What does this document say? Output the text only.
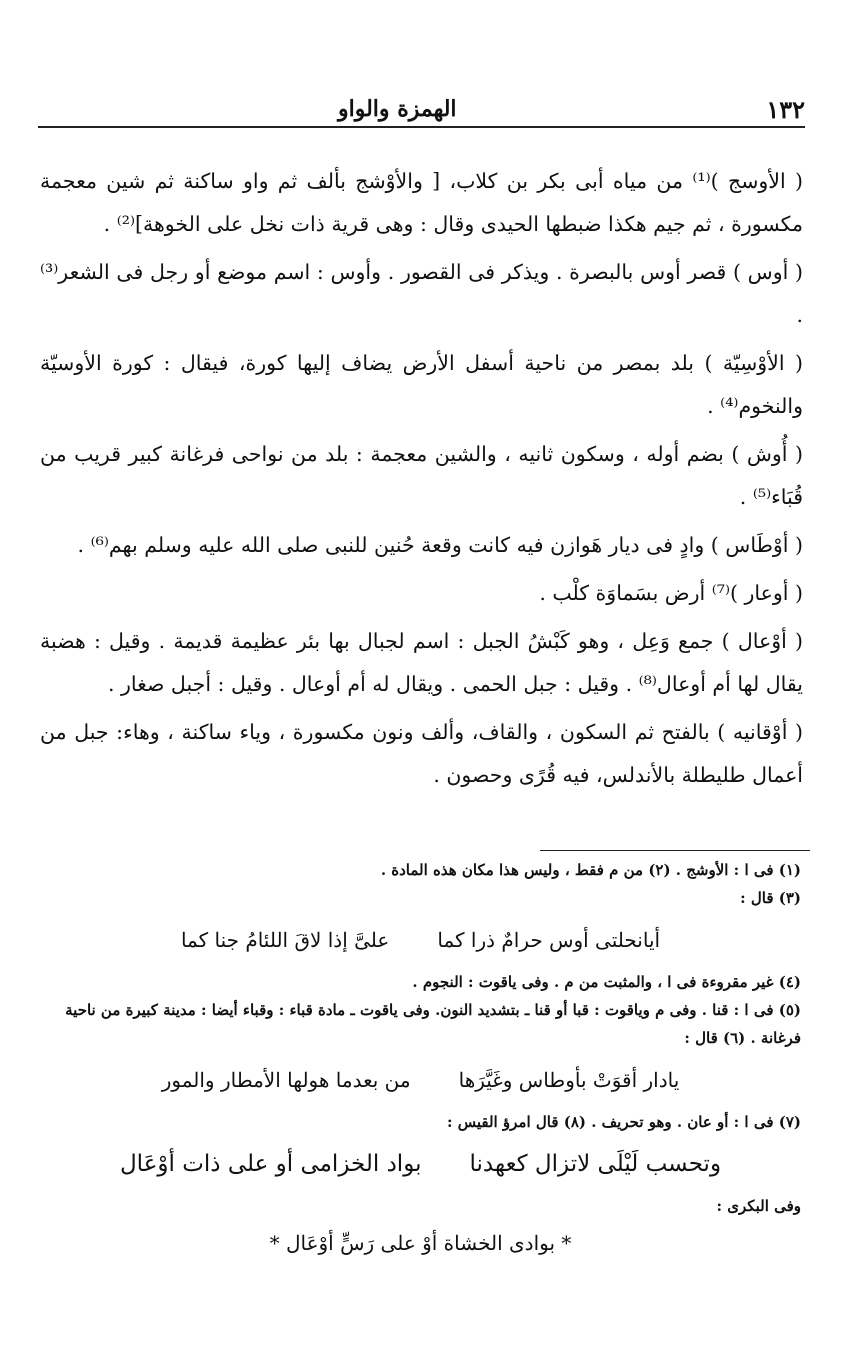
١٣٢
الهمزة والواو

( الأوسج )⁽¹⁾ من مياه أبى بكر بن كلاب، [ والأوْشج بألف ثم واو ساكنة ثم شين معجمة مكسورة ، ثم جيم هكذا ضبطها الحيدى وقال : وهى قرية ذات نخل على الخوهة]⁽²⁾ .

( أوس ) قصر أوس بالبصرة . ويذكر فى القصور . وأوس : اسم موضع أو رجل فى الشعر⁽³⁾ .

( الأوْسِيّة ) بلد بمصر من ناحية أسفل الأرض يضاف إليها كورة، فيقال : كورة الأوسيّة والنخوم⁽⁴⁾ .

( أُوش ) بضم أوله ، وسكون ثانيه ، والشين معجمة : بلد من نواحى فرغانة كبير قريب من قُبَاء⁽⁵⁾ .

( أوْطَاس ) وادٍ فى ديار هَوازن فيه كانت وقعة حُنين للنبى صلى الله عليه وسلم بهم⁽⁶⁾ .

( أوعار )⁽⁷⁾ أرض بسَماوَة كلْب .

( أوْعال ) جمع وَعِل ، وهو كَبْشُ الجبل : اسم لجبال بها بئر عظيمة قديمة . وقيل : هضبة يقال لها أم أوعال⁽⁸⁾ . وقيل : جبل الحمى . ويقال له أم أوعال . وقيل : أجبل صغار .

( أوْقانيه ) بالفتح ثم السكون ، والقاف، وألف ونون مكسورة ، وياء ساكنة ، وهاء: جبل من أعمال طليطلة بالأندلس، فيه قُرًى وحصون .

(١) فى ا : الأوشج . (٢) من م فقط ، وليس هذا مكان هذه المادة .

(٣) قال :

أيانحلتى أوس حرامٌ ذرا كما
علىَّ إذا لاقَ اللئامُ جنا كما

(٤) غير مقروءة فى ا ، والمثبت من م . وفى ياقوت : النجوم .

(٥) فى ا : قنا . وفى م وياقوت : قبا أو قنا ـ بتشديد النون. وفى ياقوت ـ مادة قباء : وقباء أيضا : مدينة كبيرة من ناحية فرغانة . (٦) قال :

يادار أقوَتْ بأوطاس وغَيَّرَها
من بعدما هولها الأمطار والمور

(٧) فى ا : أو عان . وهو تحريف . (٨) قال امرؤ القيس :

وتحسب لَيْلَى لاتزال كعهدنا
بواد الخزامى أو على ذات أوْعَال

وفى البكرى :

* بوادى الخشاة أوْ على رَسٍّ أوْعَال *
